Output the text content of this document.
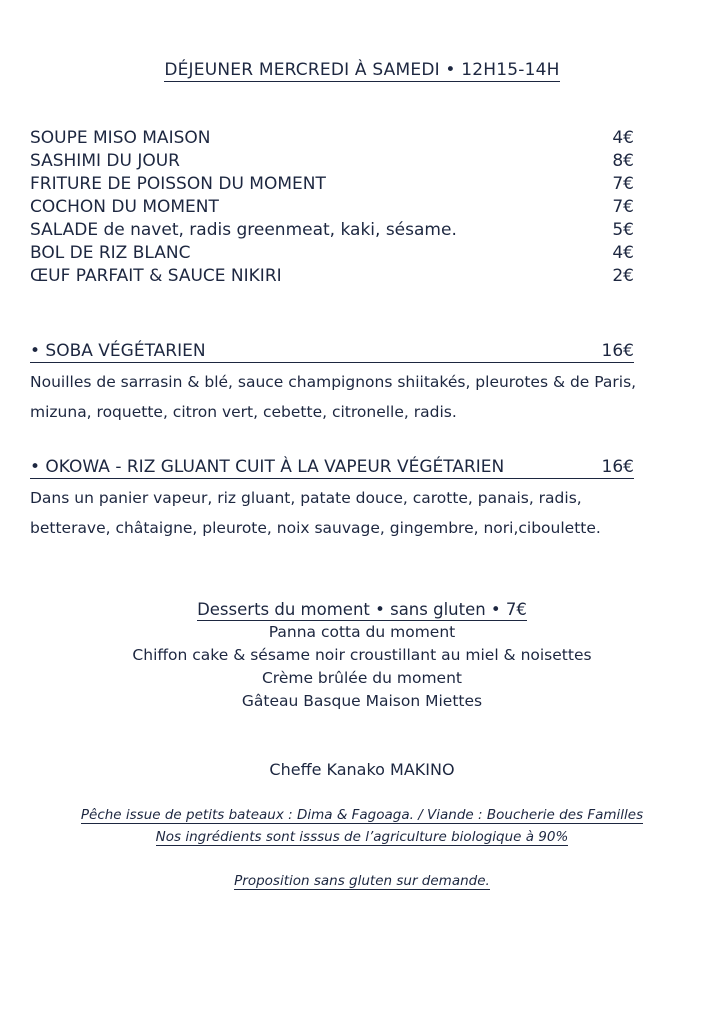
DÉJEUNER MERCREDI À SAMEDI • 12H15-14H
SOUPE MISO MAISON	4€
SASHIMI DU JOUR	8€
FRITURE DE POISSON DU MOMENT	7€
COCHON DU MOMENT	7€
SALADE de navet, radis greenmeat, kaki, sésame.	5€
BOL DE RIZ BLANC	4€
ŒUF PARFAIT & SAUCE NIKIRI	2€
• SOBA VÉGÉTARIEN	16€
Nouilles de sarrasin & blé, sauce champignons shiitakés, pleurotes & de Paris,
mizuna, roquette, citron vert, cebette, citronelle, radis.
• OKOWA - RIZ GLUANT CUIT À LA VAPEUR VÉGÉTARIEN	16€
Dans un panier vapeur, riz gluant, patate douce, carotte, panais, radis,
betterave, châtaigne, pleurote, noix sauvage, gingembre, nori,ciboulette.
Desserts du moment • sans gluten • 7€
Panna cotta du moment
Chiffon cake & sésame noir croustillant au miel & noisettes
Crème brûlée du moment
Gâteau Basque Maison Miettes
Cheffe Kanako MAKINO
Pêche issue de petits bateaux : Dima & Fagoaga. / Viande : Boucherie des Familles
Nos ingrédients sont isssus de l’agriculture biologique à 90%
Proposition sans gluten sur demande.
